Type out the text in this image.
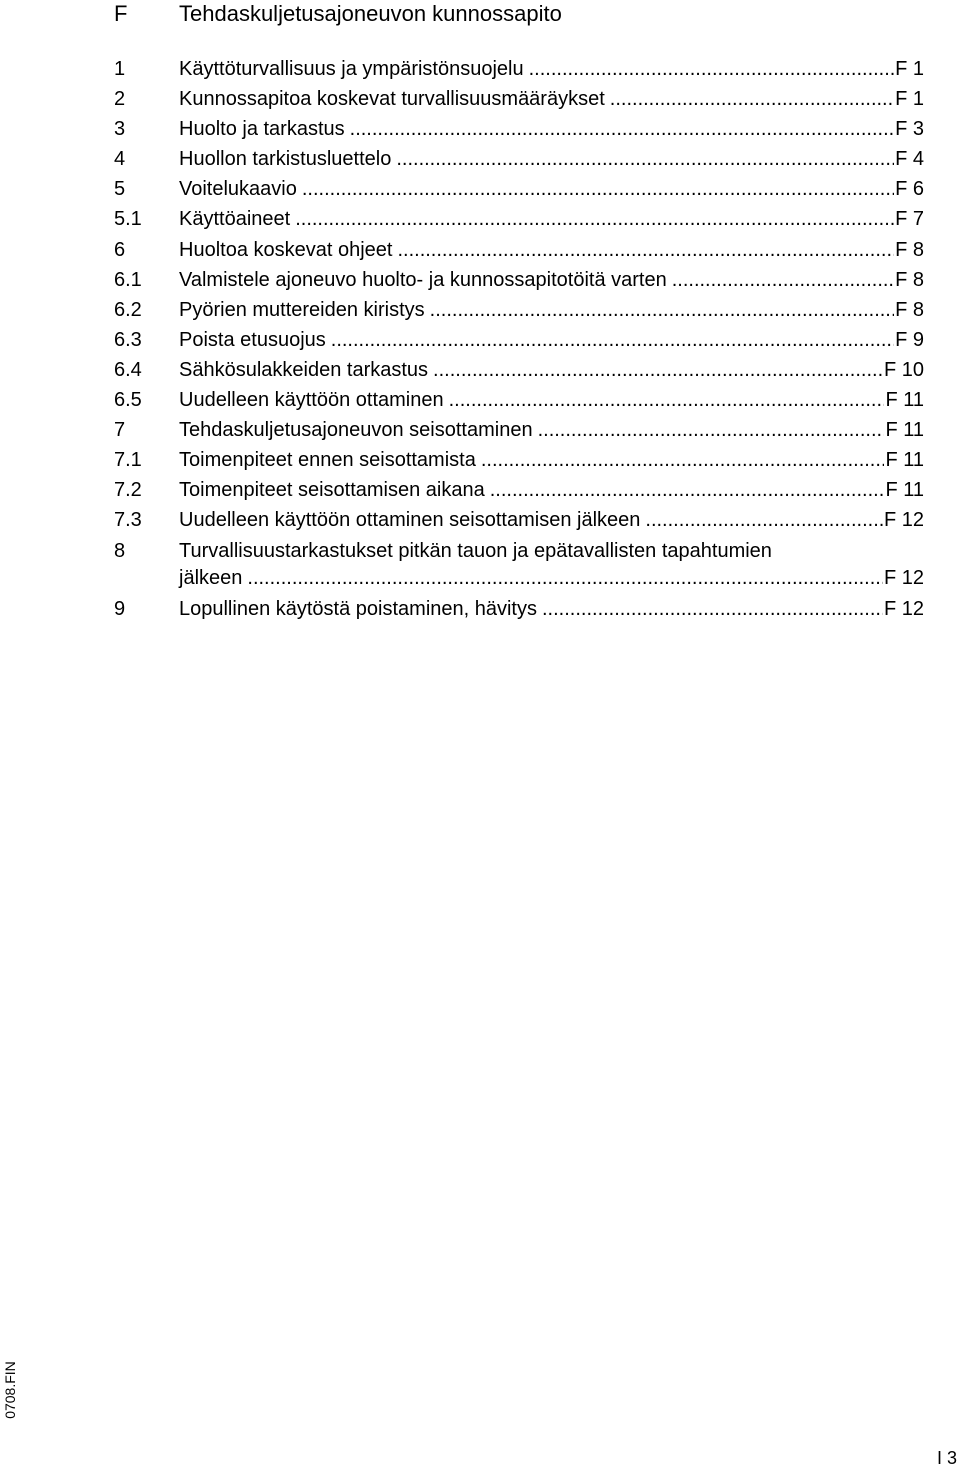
F Tehdaskuljetusajoneuvon kunnossapito
1	Käyttöturvallisuus ja ympäristönsuojelu .....	F 1
2	Kunnossapitoa koskevat turvallisuusmääräykset .....	F 1
3	Huolto ja tarkastus .....	F 3
4	Huollon tarkistusluettelo .....	F 4
5	Voitelukaavio .....	F 6
5.1 Käyttöaineet .....	F 7
6	Huoltoa koskevat ohjeet .....	F 8
6.1 Valmistele ajoneuvo huolto- ja kunnossapitotöitä varten .....	F 8
6.2 Pyörien muttereiden kiristys .....	F 8
6.3 Poista etusuojus .....	F 9
6.4 Sähkösulakkeiden tarkastus .....	F 10
6.5 Uudelleen käyttöön ottaminen .....	F 11
7	Tehdaskuljetusajoneuvon seisottaminen .....	F 11
7.1 Toimenpiteet ennen seisottamista .....	F 11
7.2 Toimenpiteet seisottamisen aikana .....	F 11
7.3 Uudelleen käyttöön ottaminen seisottamisen jälkeen .....	F 12
8	Turvallisuustarkastukset pitkän tauon ja epätavallisten tapahtumien
jälkeen .....	F 12
9	Lopullinen käytöstä poistaminen, hävitys .....	F 12
0708.FIN
I 3
